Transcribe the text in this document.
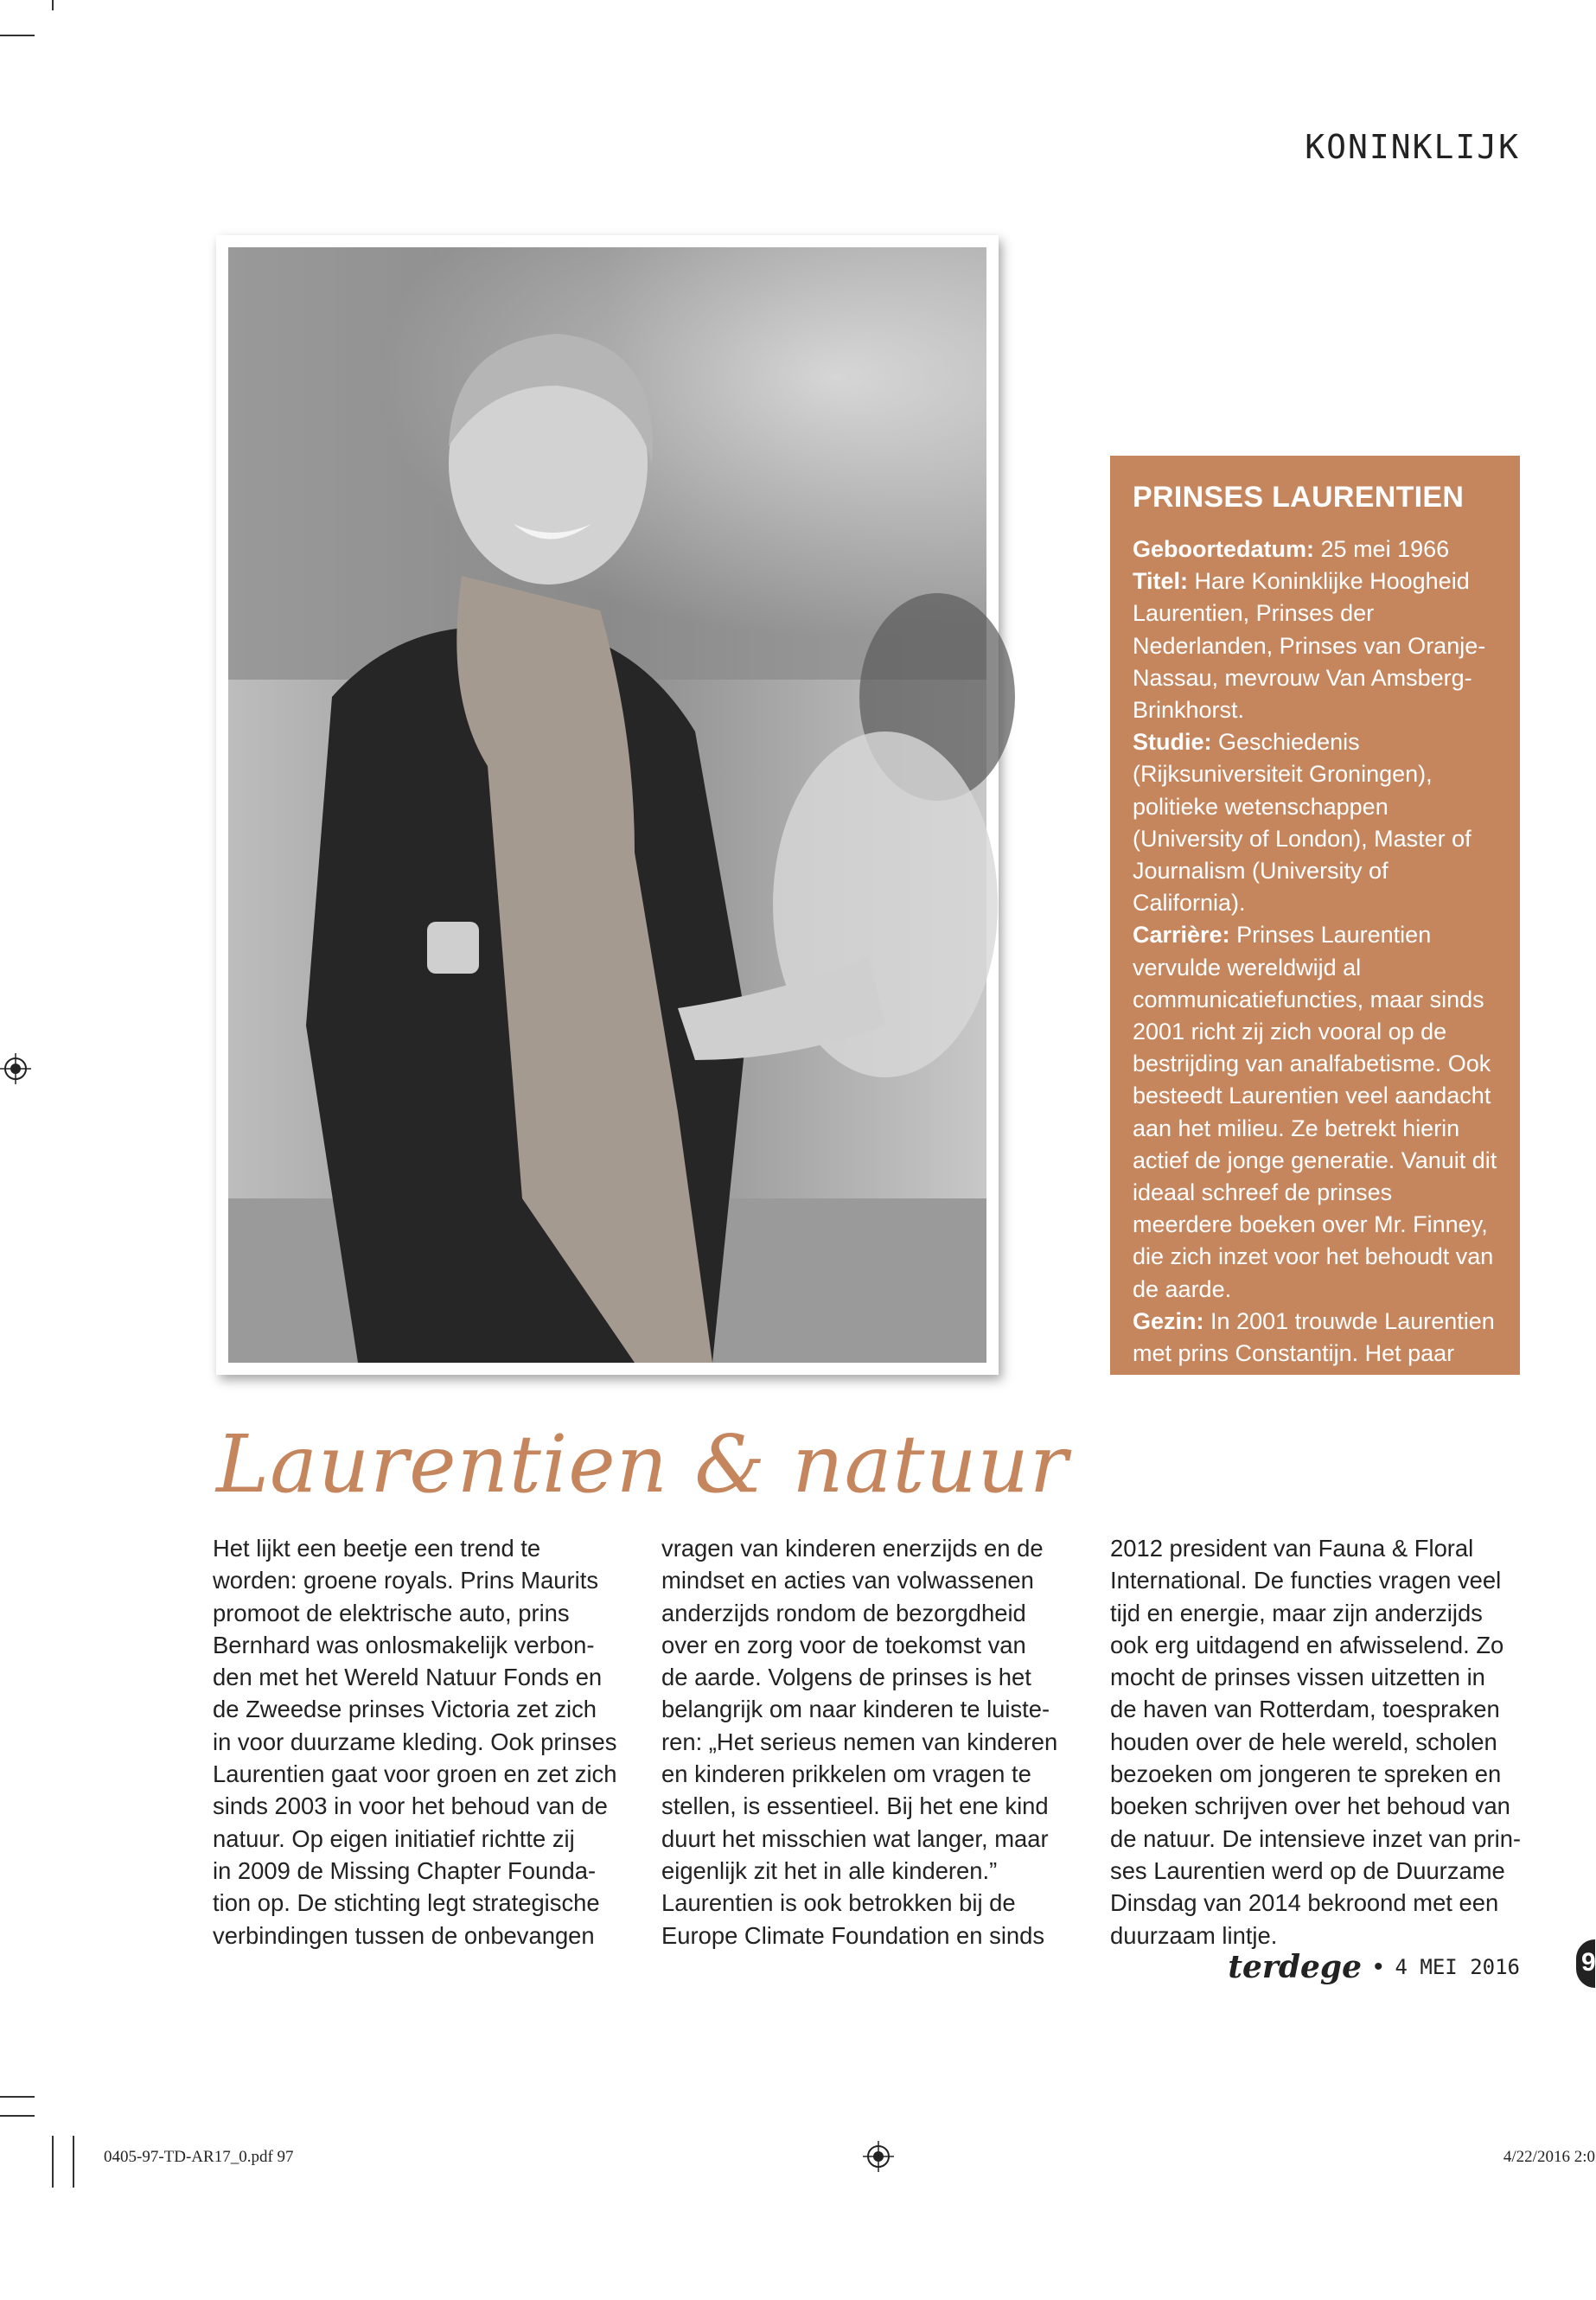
KONINKLIJK
PRINSES LAURENTIEN

Geboortedatum: 25 mei 1966
Titel: Hare Koninklijke Hoogheid Laurentien, Prinses der Nederlanden, Prinses van Oranje-Nassau, mevrouw Van Amsberg-Brinkhorst.
Studie: Geschiedenis (Rijksuniversiteit Groningen), politieke wetenschappen (University of London), Master of Journalism (University of California).
Carrière: Prinses Laurentien vervulde wereldwijd al communicatiefuncties, maar sinds 2001 richt zij zich vooral op de bestrijding van analfabetisme. Ook besteedt Laurentien veel aandacht aan het milieu. Ze betrekt hierin actief de jonge generatie. Vanuit dit ideaal schreef de prinses meerdere boeken over Mr. Finney, die zich inzet voor het behoudt van de aarde.
Gezin: In 2001 trouwde Laurentien met prins Constantijn. Het paar kreeg Eloise (2002), Claus-Casimir (2004) en Leonore (2006).

Laurentien & natuur

Het lijkt een beetje een trend te
worden: groene royals. Prins Maurits
promoot de elektrische auto, prins
Bernhard was onlosmakelijk verbon-
den met het Wereld Natuur Fonds en
de Zweedse prinses Victoria zet zich
in voor duurzame kleding. Ook prinses
Laurentien gaat voor groen en zet zich
sinds 2003 in voor het behoud van de
natuur. Op eigen initiatief richtte zij
in 2009 de Missing Chapter Founda-
tion op. De stichting legt strategische
verbindingen tussen de onbevangen

vragen van kinderen enerzijds en de
mindset en acties van volwassenen
anderzijds rondom de bezorgdheid
over en zorg voor de toekomst van
de aarde. Volgens de prinses is het
belangrijk om naar kinderen te luiste-
ren: „Het serieus nemen van kinderen
en kinderen prikkelen om vragen te
stellen, is essentieel. Bij het ene kind
duurt het misschien wat langer, maar
eigenlijk zit het in alle kinderen.”
Laurentien is ook betrokken bij de
Europe Climate Foundation en sinds

2012 president van Fauna & Floral
International. De functies vragen veel
tijd en energie, maar zijn anderzijds
ook erg uitdagend en afwisselend. Zo
mocht de prinses vissen uitzetten in
de haven van Rotterdam, toespraken
houden over de hele wereld, scholen
bezoeken om jongeren te spreken en
boeken schrijven over het behoud van
de natuur. De intensieve inzet van prin-
ses Laurentien werd op de Duurzame
Dinsdag van 2014 bekroond met een
duurzaam lintje.

terdege • 4 MEI 2016 9
0405-97-TD-AR17_0.pdf 97	4/22/2016 2:0
